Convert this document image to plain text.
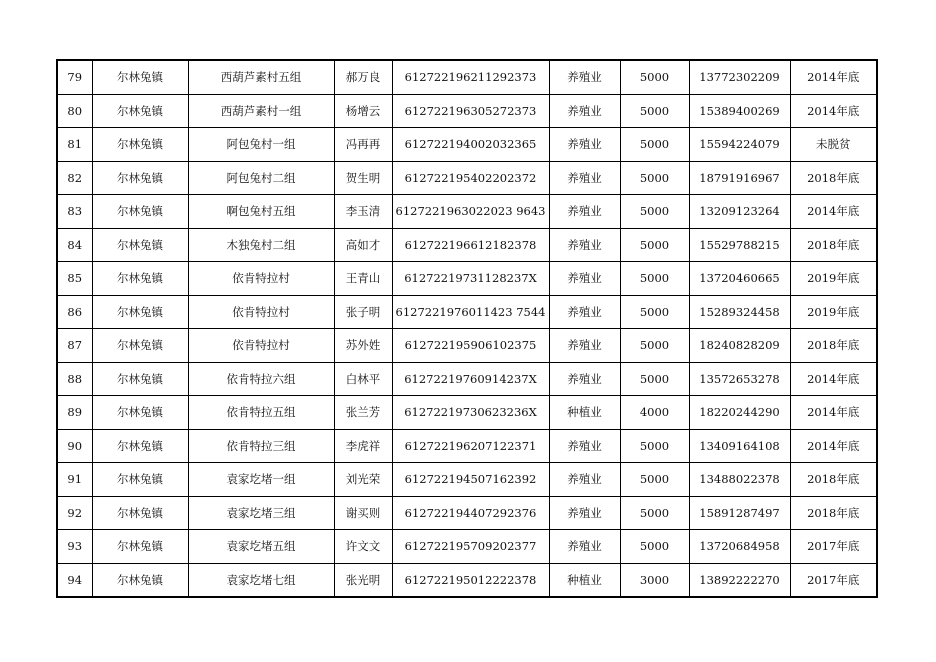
79	尔林兔镇	西葫芦素村五组	郝万良	612722196211292373	养殖业	5000	13772302209	2014年底
80	尔林兔镇	西葫芦素村一组	杨增云	612722196305272373	养殖业	5000	15389400269	2014年底
81	尔林兔镇	阿包兔村一组	冯再再	612722194002032365	养殖业	5000	15594224079	未脱贫
82	尔林兔镇	阿包兔村二组	贺生明	612722195402202372	养殖业	5000	18791916967	2018年底
83	尔林兔镇	啊包兔村五组	李玉清	6127221963022023 9643	养殖业	5000	13209123264	2014年底
84	尔林兔镇	木独兔村二组	高如才	612722196612182378	养殖业	5000	15529788215	2018年底
85	尔林兔镇	依肯特拉村	王青山	61272219731128237X	养殖业	5000	13720460665	2019年底
86	尔林兔镇	依肯特拉村	张子明	6127221976011423 7544	养殖业	5000	15289324458	2019年底
87	尔林兔镇	依肯特拉村	苏外姓	612722195906102375	养殖业	5000	18240828209	2018年底
88	尔林兔镇	依肯特拉六组	白林平	61272219760914237X	养殖业	5000	13572653278	2014年底
89	尔林兔镇	依肯特拉五组	张兰芳	61272219730623236X	种植业	4000	18220244290	2014年底
90	尔林兔镇	依肯特拉三组	李虎祥	612722196207122371	养殖业	5000	13409164108	2014年底
91	尔林兔镇	袁家圪堵一组	刘光荣	612722194507162392	养殖业	5000	13488022378	2018年底
92	尔林兔镇	袁家圪堵三组	谢买则	612722194407292376	养殖业	5000	15891287497	2018年底
93	尔林兔镇	袁家圪堵五组	许文文	612722195709202377	养殖业	5000	13720684958	2017年底
94	尔林兔镇	袁家圪堵七组	张光明	612722195012222378	种植业	3000	13892222270	2017年底
